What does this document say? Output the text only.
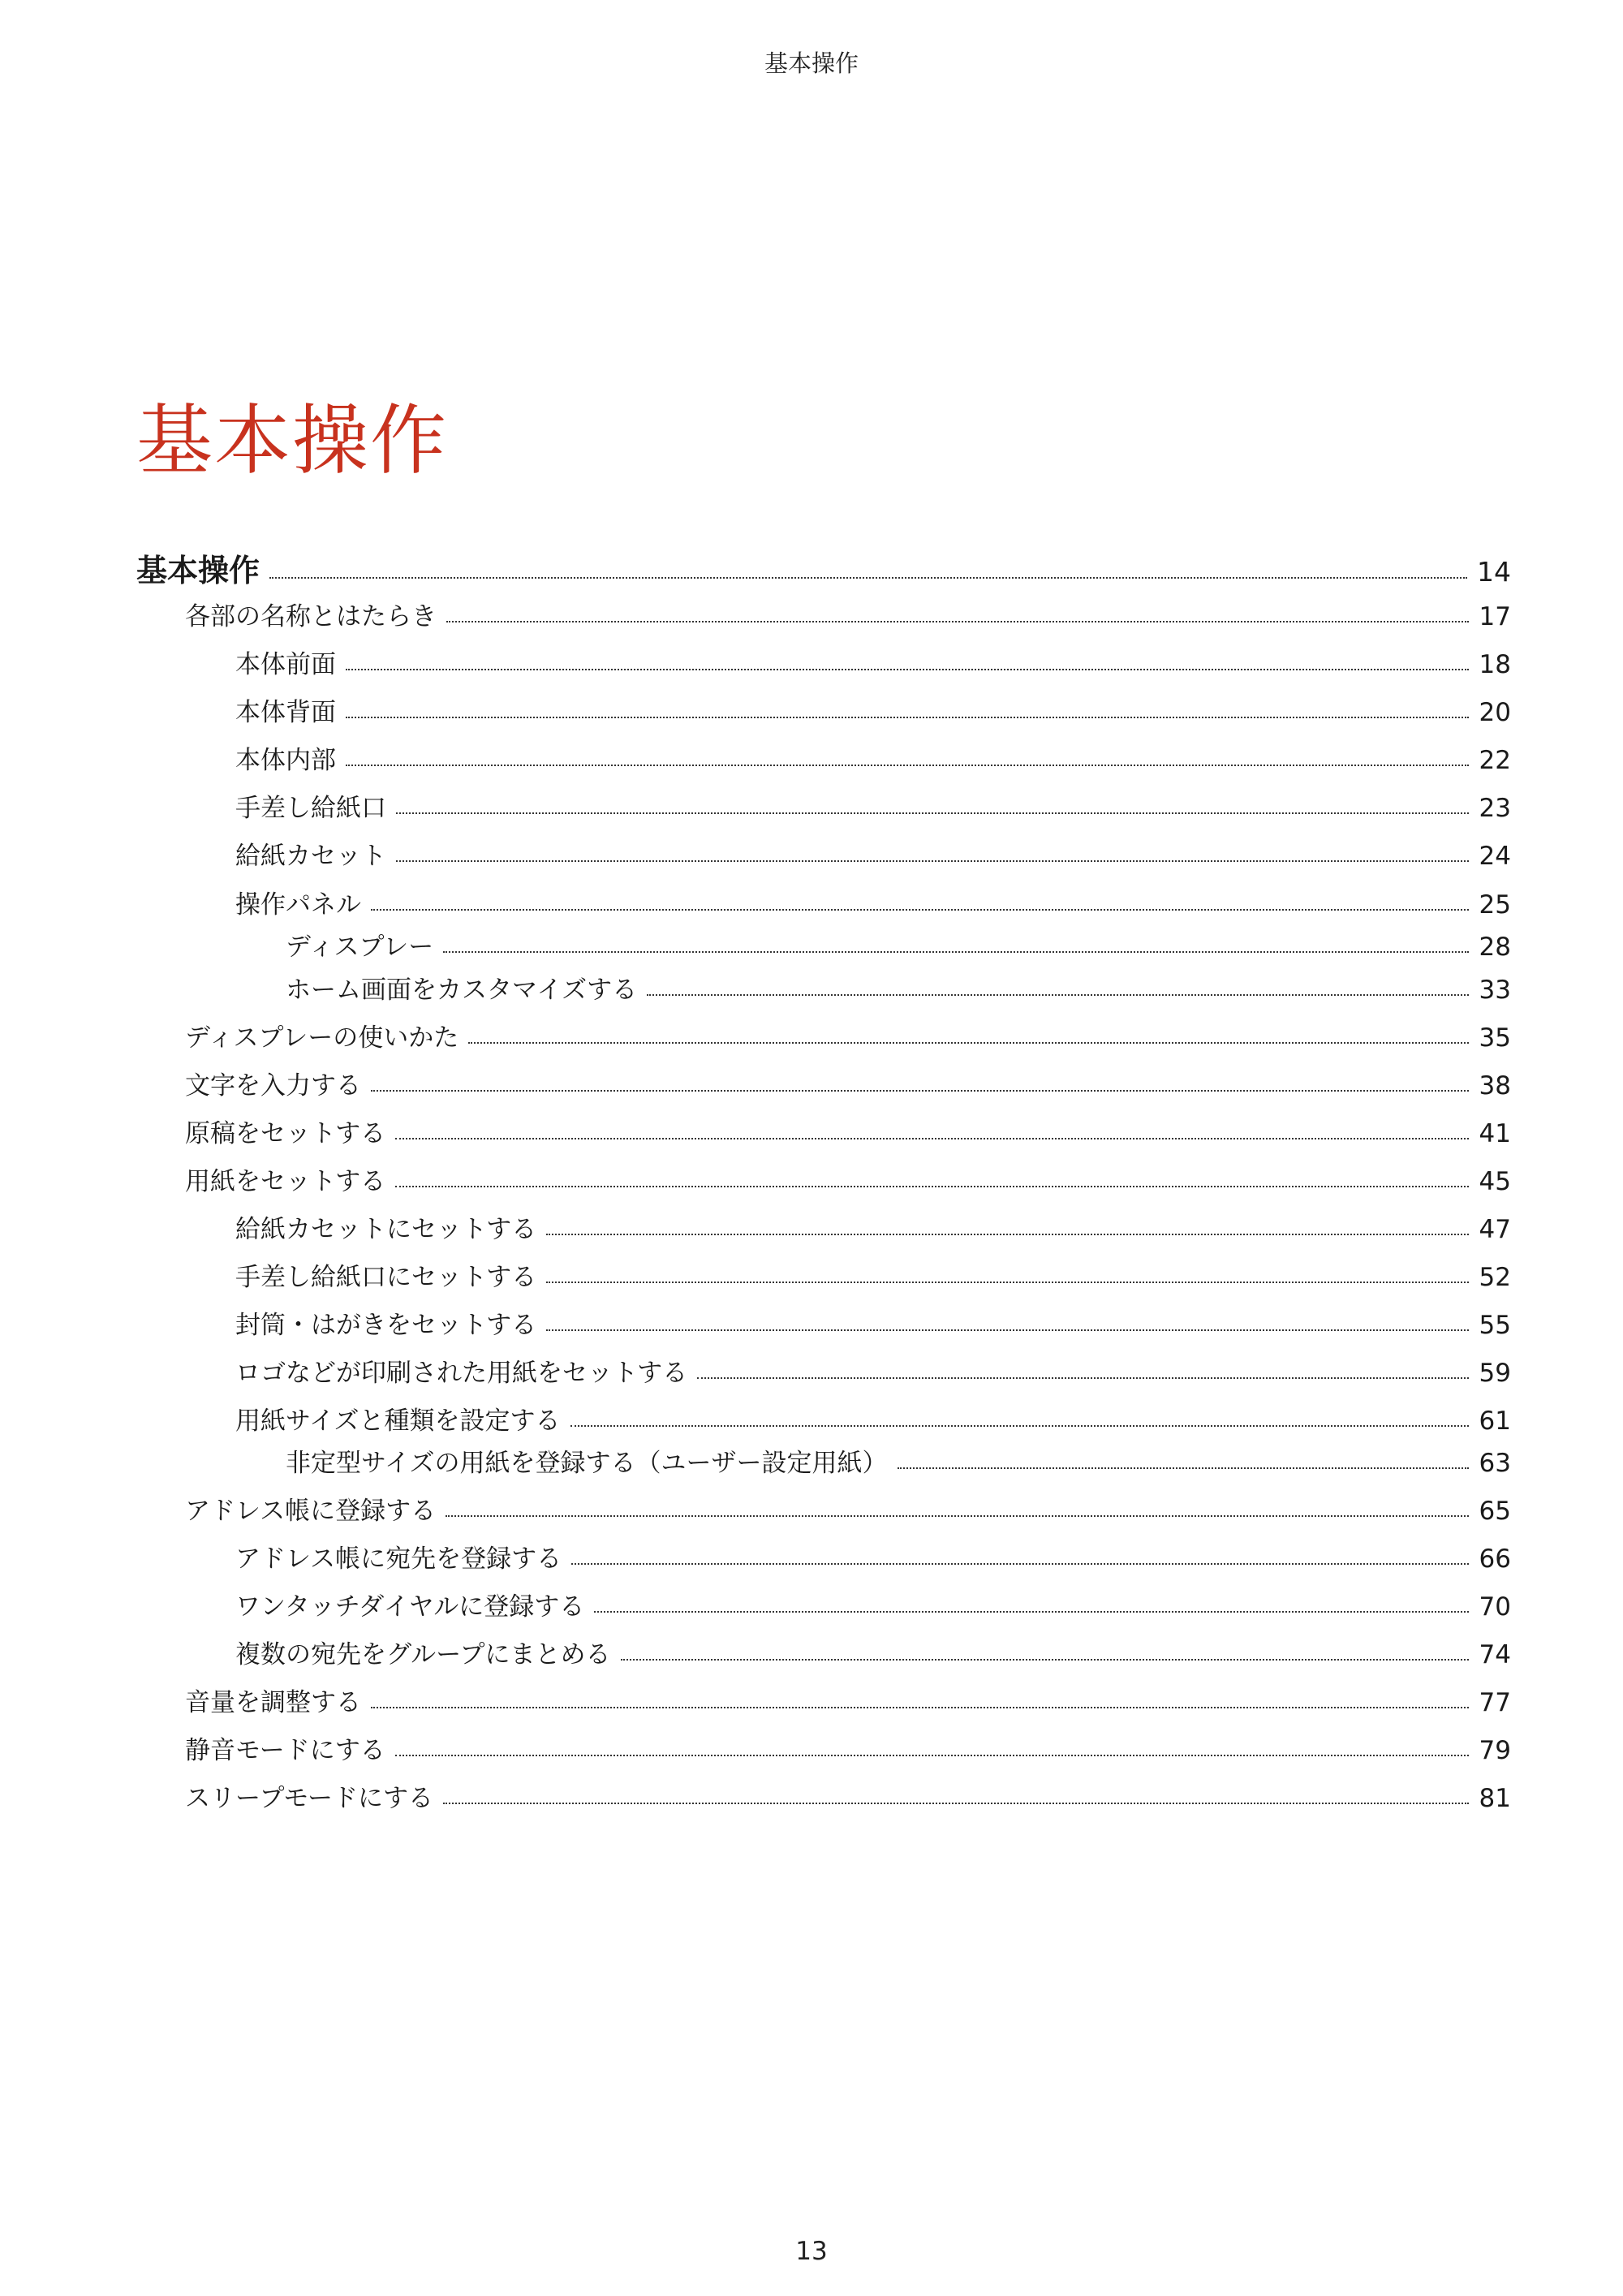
基本操作
基本操作
基本操作	14
各部の名称とはたらき	17
本体前面	18
本体背面	20
本体内部	22
手差し給紙口	23
給紙カセット	24
操作パネル	25
ディスプレー	28
ホーム画面をカスタマイズする	33
ディスプレーの使いかた	35
文字を入力する	38
原稿をセットする	41
用紙をセットする	45
給紙カセットにセットする	47
手差し給紙口にセットする	52
封筒・はがきをセットする	55
ロゴなどが印刷された用紙をセットする	59
用紙サイズと種類を設定する	61
非定型サイズの用紙を登録する（ユーザー設定用紙）	63
アドレス帳に登録する	65
アドレス帳に宛先を登録する	66
ワンタッチダイヤルに登録する	70
複数の宛先をグループにまとめる	74
音量を調整する	77
静音モードにする	79
スリープモードにする	81
13
